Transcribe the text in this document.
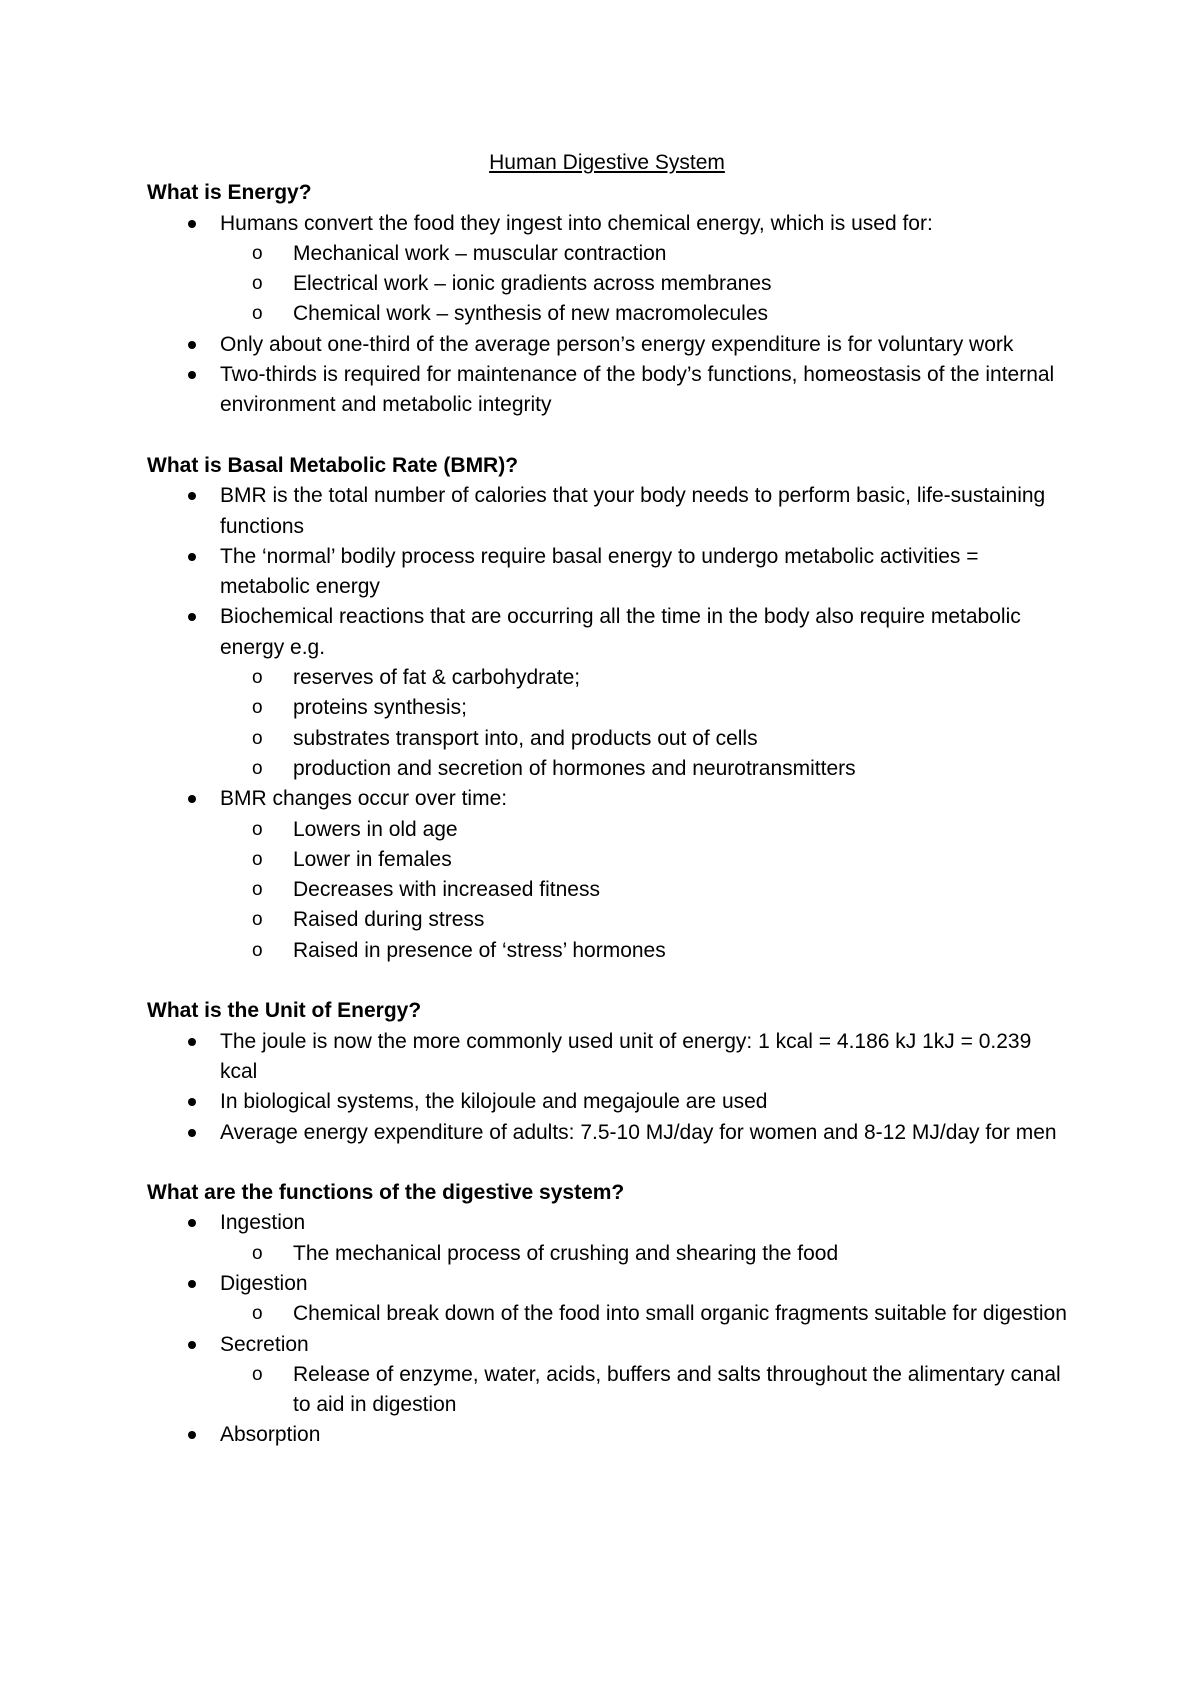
Human Digestive System
What is Energy?
Humans convert the food they ingest into chemical energy, which is used for:
o Mechanical work – muscular contraction
o Electrical work – ionic gradients across membranes
o Chemical work – synthesis of new macromolecules
Only about one-third of the average person’s energy expenditure is for voluntary work
Two-thirds is required for maintenance of the body’s functions, homeostasis of the internal environment and metabolic integrity
What is Basal Metabolic Rate (BMR)?
BMR is the total number of calories that your body needs to perform basic, life-sustaining functions
The ‘normal’ bodily process require basal energy to undergo metabolic activities = metabolic energy
Biochemical reactions that are occurring all the time in the body also require metabolic energy e.g.
o reserves of fat & carbohydrate;
o proteins synthesis;
o substrates transport into, and products out of cells
o production and secretion of hormones and neurotransmitters
BMR changes occur over time:
o Lowers in old age
o Lower in females
o Decreases with increased fitness
o Raised during stress
o Raised in presence of ‘stress’ hormones
What is the Unit of Energy?
The joule is now the more commonly used unit of energy: 1 kcal = 4.186 kJ 1kJ = 0.239 kcal
In biological systems, the kilojoule and megajoule are used
Average energy expenditure of adults: 7.5-10 MJ/day for women and 8-12 MJ/day for men
What are the functions of the digestive system?
Ingestion
o The mechanical process of crushing and shearing the food
Digestion
o Chemical break down of the food into small organic fragments suitable for digestion
Secretion
o Release of enzyme, water, acids, buffers and salts throughout the alimentary canal to aid in digestion
Absorption
